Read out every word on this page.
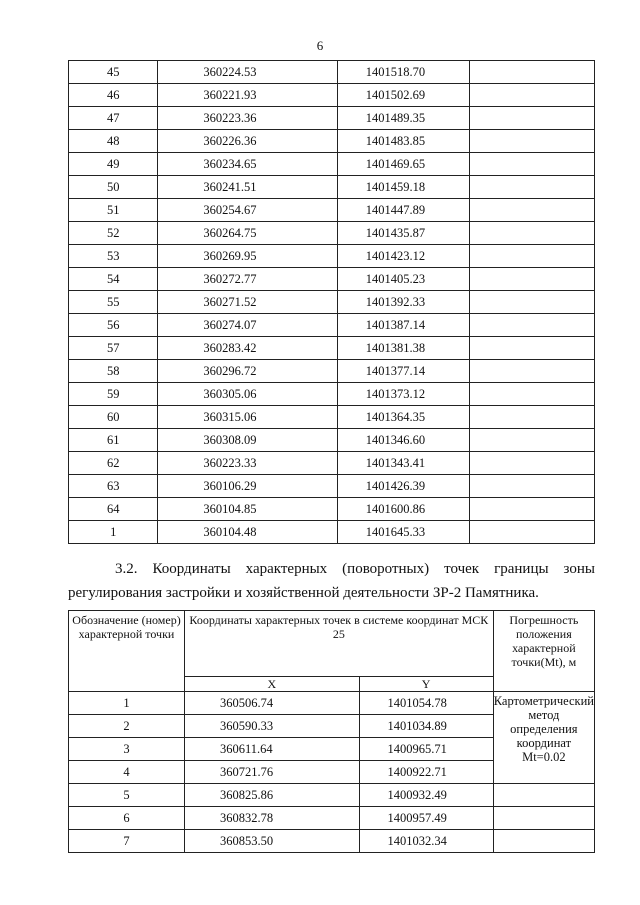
6
45	360224.53	1401518.70	
46	360221.93	1401502.69	
47	360223.36	1401489.35	
48	360226.36	1401483.85	
49	360234.65	1401469.65	
50	360241.51	1401459.18	
51	360254.67	1401447.89	
52	360264.75	1401435.87	
53	360269.95	1401423.12	
54	360272.77	1401405.23	
55	360271.52	1401392.33	
56	360274.07	1401387.14	
57	360283.42	1401381.38	
58	360296.72	1401377.14	
59	360305.06	1401373.12	
60	360315.06	1401364.35	
61	360308.09	1401346.60	
62	360223.33	1401343.41	
63	360106.29	1401426.39	
64	360104.85	1401600.86	
1	360104.48	1401645.33	
3.2. Координаты характерных (поворотных) точек границы зоны
регулирования застройки и хозяйственной деятельности ЗР-2 Памятника.
Обозначение (номер) характерной точки	Координаты характерных точек в системе координат МСК 25		Погрешность положения характерной точки(Mt), м
	X	Y	
1	360506.74	1401054.78	Картометрический метод определения координат Mt=0.02
2	360590.33	1401034.89	
3	360611.64	1400965.71	
4	360721.76	1400922.71	
5	360825.86	1400932.49	
6	360832.78	1400957.49	
7	360853.50	1401032.34	
